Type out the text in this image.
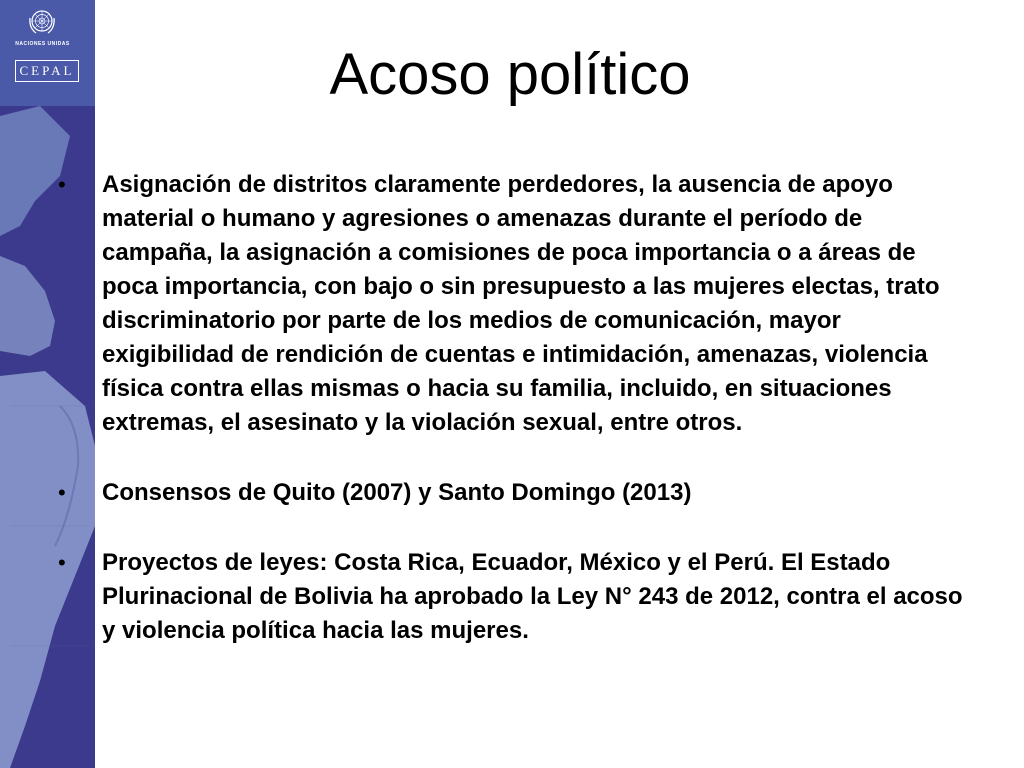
NACIONES UNIDAS
CEPAL	Acoso político
• Asignación de distritos claramente perdedores, la ausencia de apoyo material o humano y agresiones o amenazas durante el período de campaña, la asignación a comisiones de poca importancia o a áreas de poca importancia, con bajo o sin presupuesto a las mujeres electas, trato discriminatorio por parte de los medios de comunicación, mayor exigibilidad de rendición de cuentas e intimidación, amenazas, violencia física contra ellas mismas o hacia su familia, incluido, en situaciones extremas, el asesinato y la violación sexual, entre otros.
• Consensos de Quito (2007) y Santo Domingo (2013)
• Proyectos de leyes: Costa Rica, Ecuador, México y el Perú. El Estado Plurinacional de Bolivia ha aprobado la Ley N° 243 de 2012, contra el acoso y violencia política hacia las mujeres.
